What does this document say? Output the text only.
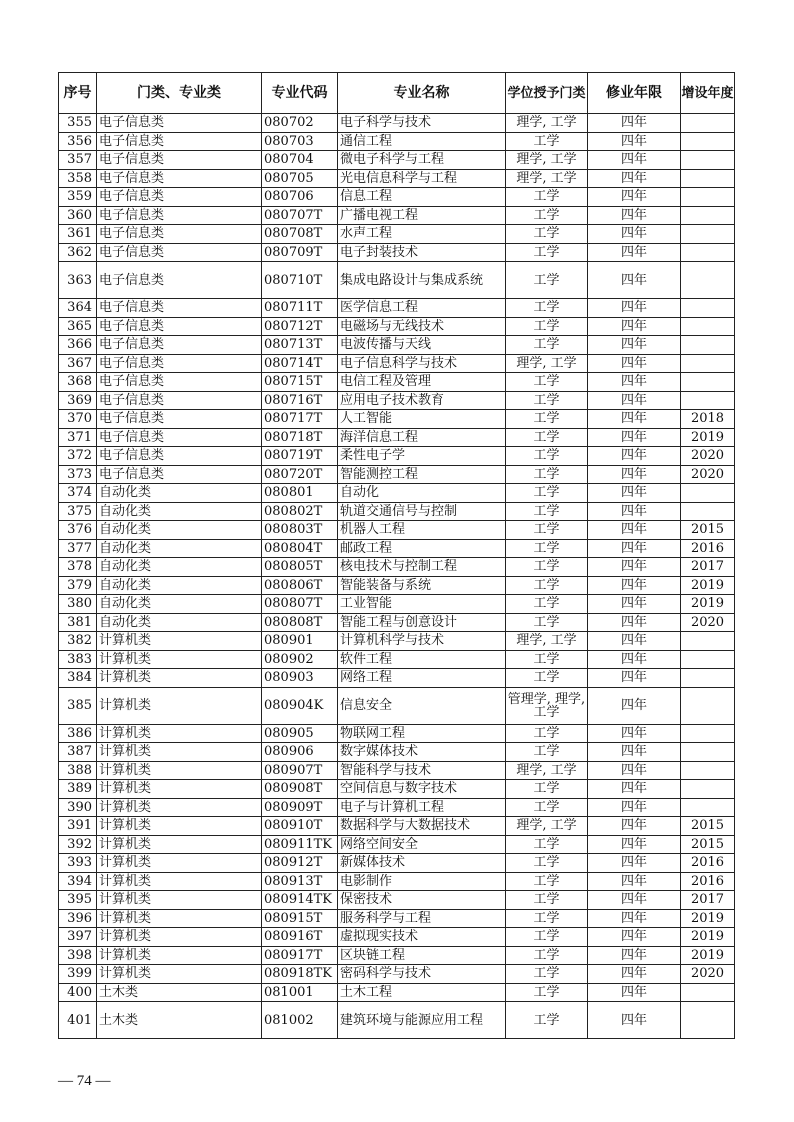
序号	门类、专业类	专业代码	专业名称	学位授予门类	修业年限	增设年度
355	电子信息类	080702	电子科学与技术	理学, 工学	四年	
356	电子信息类	080703	通信工程	工学	四年	
357	电子信息类	080704	微电子科学与工程	理学, 工学	四年	
358	电子信息类	080705	光电信息科学与工程	理学, 工学	四年	
359	电子信息类	080706	信息工程	工学	四年	
360	电子信息类	080707T	广播电视工程	工学	四年	
361	电子信息类	080708T	水声工程	工学	四年	
362	电子信息类	080709T	电子封装技术	工学	四年	
363	电子信息类	080710T	集成电路设计与集成系统	工学	四年	
364	电子信息类	080711T	医学信息工程	工学	四年	
365	电子信息类	080712T	电磁场与无线技术	工学	四年	
366	电子信息类	080713T	电波传播与天线	工学	四年	
367	电子信息类	080714T	电子信息科学与技术	理学, 工学	四年	
368	电子信息类	080715T	电信工程及管理	工学	四年	
369	电子信息类	080716T	应用电子技术教育	工学	四年	
370	电子信息类	080717T	人工智能	工学	四年	2018
371	电子信息类	080718T	海洋信息工程	工学	四年	2019
372	电子信息类	080719T	柔性电子学	工学	四年	2020
373	电子信息类	080720T	智能测控工程	工学	四年	2020
374	自动化类	080801	自动化	工学	四年	
375	自动化类	080802T	轨道交通信号与控制	工学	四年	
376	自动化类	080803T	机器人工程	工学	四年	2015
377	自动化类	080804T	邮政工程	工学	四年	2016
378	自动化类	080805T	核电技术与控制工程	工学	四年	2017
379	自动化类	080806T	智能装备与系统	工学	四年	2019
380	自动化类	080807T	工业智能	工学	四年	2019
381	自动化类	080808T	智能工程与创意设计	工学	四年	2020
382	计算机类	080901	计算机科学与技术	理学, 工学	四年	
383	计算机类	080902	软件工程	工学	四年	
384	计算机类	080903	网络工程	工学	四年	
385	计算机类	080904K	信息安全	管理学, 理学, 工学	四年	
386	计算机类	080905	物联网工程	工学	四年	
387	计算机类	080906	数字媒体技术	工学	四年	
388	计算机类	080907T	智能科学与技术	理学, 工学	四年	
389	计算机类	080908T	空间信息与数字技术	工学	四年	
390	计算机类	080909T	电子与计算机工程	工学	四年	
391	计算机类	080910T	数据科学与大数据技术	理学, 工学	四年	2015
392	计算机类	080911TK	网络空间安全	工学	四年	2015
393	计算机类	080912T	新媒体技术	工学	四年	2016
394	计算机类	080913T	电影制作	工学	四年	2016
395	计算机类	080914TK	保密技术	工学	四年	2017
396	计算机类	080915T	服务科学与工程	工学	四年	2019
397	计算机类	080916T	虚拟现实技术	工学	四年	2019
398	计算机类	080917T	区块链工程	工学	四年	2019
399	计算机类	080918TK	密码科学与技术	工学	四年	2020
400	土木类	081001	土木工程	工学	四年	
401	土木类	081002	建筑环境与能源应用工程	工学	四年	
— 74 —
